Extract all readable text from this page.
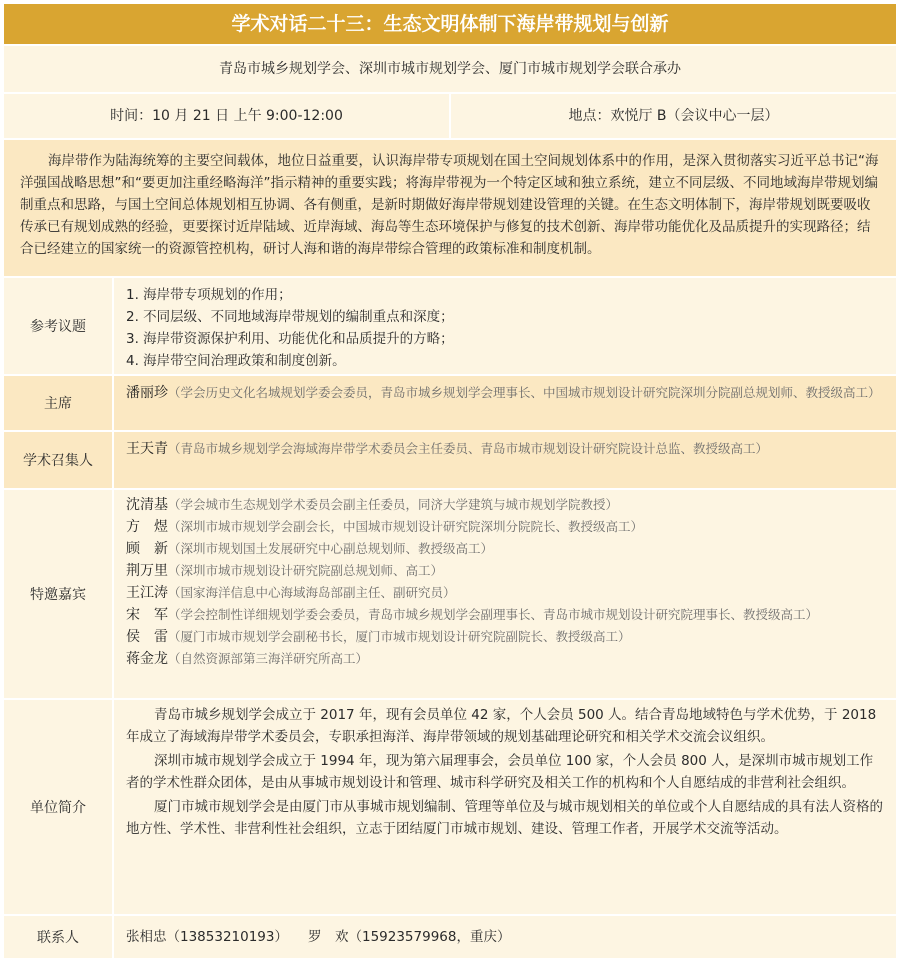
学术对话二十三：生态文明体制下海岸带规划与创新
青岛市城乡规划学会、深圳市城市规划学会、厦门市城市规划学会联合承办
时间：10 月 21 日 上午 9:00-12:00	地点：欢悦厅 B（会议中心一层）
海岸带作为陆海统筹的主要空间载体，地位日益重要，认识海岸带专项规划在国土空间规划体系中的作用，是深入贯彻落实习近平总书记“海洋强国战略思想”和“要更加注重经略海洋”指示精神的重要实践；将海岸带视为一个特定区域和独立系统，建立不同层级、不同地域海岸带规划编制重点和思路，与国土空间总体规划相互协调、各有侧重，是新时期做好海岸带规划建设管理的关键。在生态文明体制下，海岸带规划既要吸收传承已有规划成熟的经验，更要探讨近岸陆域、近岸海域、海岛等生态环境保护与修复的技术创新、海岸带功能优化及品质提升的实现路径；结合已经建立的国家统一的资源管控机构，研讨人海和谐的海岸带综合管理的政策标准和制度机制。
参考议题
1. 海岸带专项规划的作用；
2. 不同层级、不同地域海岸带规划的编制重点和深度；
3. 海岸带资源保护利用、功能优化和品质提升的方略；
4. 海岸带空间治理政策和制度创新。
主席
潘丽珍 （学会历史文化名城规划学委会委员，青岛市城乡规划学会理事长、中国城市规划设计研究院深圳分院副总规划师、教授级高工）
学术召集人
王天青 （青岛市城乡规划学会海域海岸带学术委员会主任委员、青岛市城市规划设计研究院设计总监、教授级高工）
特邀嘉宾
沈清基 （学会城市生态规划学术委员会副主任委员，同济大学建筑与城市规划学院教授）
方　煜 （深圳市城市规划学会副会长，中国城市规划设计研究院深圳分院院长、教授级高工）
顾　新 （深圳市规划国土发展研究中心副总规划师、教授级高工）
荆万里 （深圳市城市规划设计研究院副总规划师、高工）
王江涛 （国家海洋信息中心海域海岛部副主任、副研究员）
宋　军 （学会控制性详细规划学委会委员，青岛市城乡规划学会副理事长、青岛市城市规划设计研究院理事长、教授级高工）
侯　雷 （厦门市城市规划学会副秘书长，厦门市城市规划设计研究院副院长、教授级高工）
蒋金龙 （自然资源部第三海洋研究所高工）
单位简介

青岛市城乡规划学会成立于 2017 年，现有会员单位 42 家，个人会员 500 人。结合青岛地域特色与学术优势，于 2018 年成立了海域海岸带学术委员会，专职承担海洋、海岸带领域的规划基础理论研究和相关学术交流会议组织。

深圳市城市规划学会成立于 1994 年，现为第六届理事会，会员单位 100 家，个人会员 800 人，是深圳市城市规划工作者的学术性群众团体，是由从事城市规划设计和管理、城市科学研究及相关工作的机构和个人自愿结成的非营利社会组织。

厦门市城市规划学会是由厦门市从事城市规划编制、管理等单位及与城市规划相关的单位或个人自愿结成的具有法人资格的地方性、学术性、非营利性社会组织，立志于团结厦门市城市规划、建设、管理工作者，开展学术交流等活动。

联系人	张相忠（13853210193） 罗　欢（15923579968，重庆）
